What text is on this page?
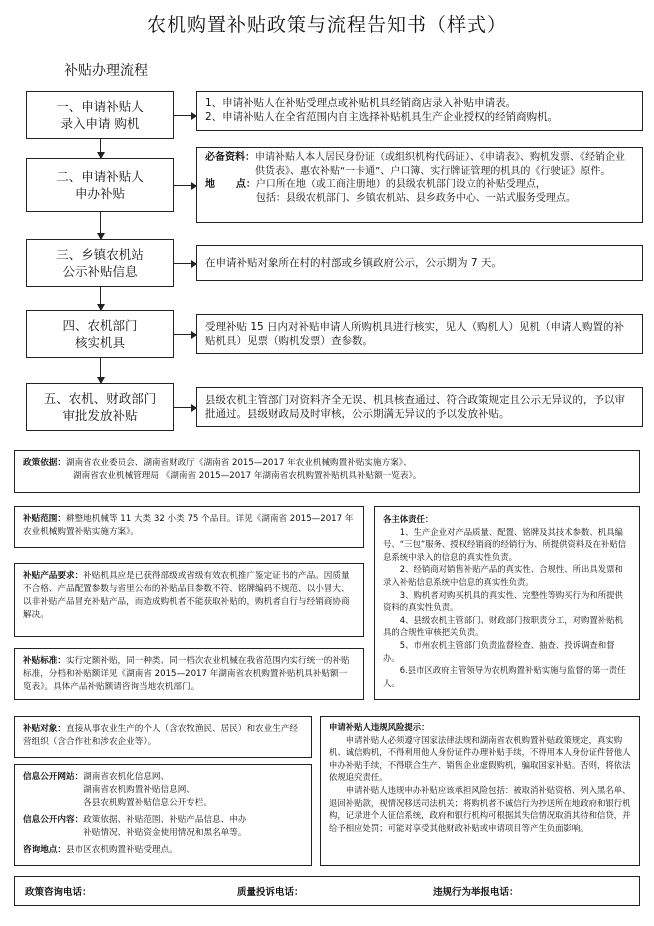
农机购置补贴政策与流程告知书（样式）
补贴办理流程
一、申请补贴人
录入申请 购机
二、申请补贴人
申办补贴
三、乡镇农机站
公示补贴信息
四、农机部门
核实机具
五、农机、财政部门
审批发放补贴
1、申请补贴人在补贴受理点或补贴机具经销商店录入补贴申请表。
2、申请补贴人在全省范围内自主选择补贴机具生产企业授权的经销商购机。
必备资料： 申请补贴人本人居民身份证（或组织机构代码证）、《申请表》、购机发票、《经销企业供货表》、惠农补贴“一卡通”、户口簿、实行牌证管理的机具的《行驶证》原件。
地      点： 户口所在地（或工商注册地）的县级农机部门设立的补贴受理点，
包括：县级农机部门、乡镇农机站、县乡政务中心、一站式服务受理点。
在申请补贴对象所在村的村部或乡镇政府公示，公示期为 7 天。
受理补贴 15 日内对补贴申请人所购机具进行核实，见人（购机人）见机（申请人购置的补贴机具）见票（购机发票）查参数。
县级农机主管部门对资料齐全无误、机具核查通过、符合政策规定且公示无异议的，予以审批通过。县级财政局及时审核，公示期满无异议的予以发放补贴。
政策依据：湖南省农业委员会、湖南省财政厅《湖南省 2015—2017 年农业机械购置补贴实施方案》、
湖南省农业机械管理局 《湖南省 2015—2017 年湖南省农机购置补贴机具补贴额一览表》。
补贴范围：耕整地机械等 11 大类 32 小类 75 个品目。详见《湖南省 2015—2017 年农业机械购置补贴实施方案》。
补贴产品要求：补贴机具应是已获得部级或省级有效农机推广鉴定证书的产品。因质量不合格、产品配置参数与省里公布的补贴品目参数不符、铭牌编码不规范、以小冒大、以非补贴产品冒充补贴产品，而造成购机者不能获取补贴的，购机者自行与经销商协商解决。
补贴标准：实行定额补贴，同一种类、同一档次农业机械在我省范围内实行统一的补贴标准，分档和补贴额详见《湖南省 2015—2017 年湖南省农机购置补贴机具补贴额一览表》。具体产品补贴额请咨询当地农机部门。
各主体责任：
1、生产企业对产品质量、配置、铭牌及其技术参数、机具编号、“三包”服务、授权经销商的经销行为、所提供资料及在补贴信息系统中录入的信息的真实性负责。
2、经销商对销售补贴产品的真实性、合规性、所出具发票和录入补贴信息系统中信息的真实性负责。
3、购机者对购买机具的真实性、完整性等购买行为和所提供资料的真实性负责。
4、县级农机主管部门、财政部门按职责分工，对购置补贴机具的合规性审核把关负责。
5、市州农机主管部门负责监督检查、抽查、投诉调查和督办。
6.县市区政府主管领导为农机购置补贴实施与监督的第一责任人。
补贴对象：直接从事农业生产的个人（含农牧渔民、居民）和农业生产经营组织（含合作社和涉农企业等）。
信息公开网站： 湖南省农机化信息网、
湖南省农机购置补贴信息网、
各县农机购置补贴信息公开专栏。
信息公开内容： 政策依据、补贴范围、补贴产品信息、申办
补贴情况、补贴资金使用情况和黑名单等。
咨询地点：县市区农机购置补贴受理点。
申请补贴人违规风险提示：
申请补贴人必须遵守国家法律法规和湖南省农机购置补贴政策规定，真实购机、诚信购机，不得利用他人身份证件办理补贴手续，不得用本人身份证件替他人申办补贴手续，不得联合生产、销售企业虚假购机，骗取国家补贴。否则，将依法依规追究责任。
申请补贴人违规申办补贴应该承担风险包括：被取消补贴资格、列入黑名单、退回补贴款，视情况移送司法机关；将购机者不诚信行为抄送所在地政府和银行机构，记录进个人征信系统，政府和银行机构可根据其失信情况取消其待和信贷，并给予相应处罚；可能对享受其他财政补贴或申请项目等产生负面影响。
政策咨询电话：	质量投诉电话：	违规行为举报电话：
